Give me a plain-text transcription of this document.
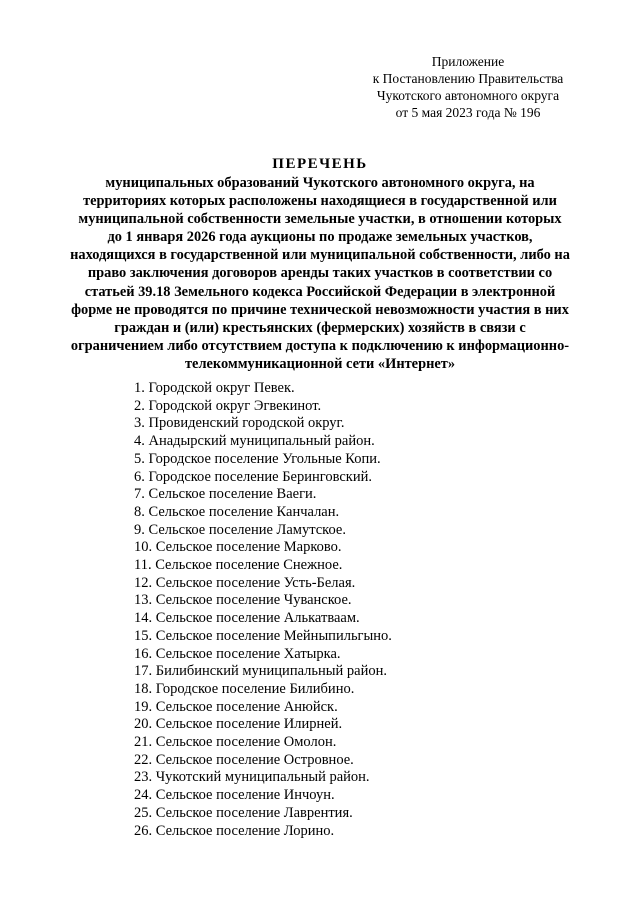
Приложение
к Постановлению Правительства
Чукотского автономного округа
от 5 мая 2023 года № 196
ПЕРЕЧЕНЬ
муниципальных образований Чукотского автономного округа, на территориях которых расположены находящиеся в государственной или муниципальной собственности земельные участки, в отношении которых до 1 января 2026 года аукционы по продаже земельных участков, находящихся в государственной или муниципальной собственности, либо на право заключения договоров аренды таких участков в соответствии со статьей 39.18 Земельного кодекса Российской Федерации в электронной форме не проводятся по причине технической невозможности участия в них граждан и (или) крестьянских (фермерских) хозяйств в связи с ограничением либо отсутствием доступа к подключению к информационно-телекоммуникационной сети «Интернет»
1. Городской округ Певек.
2. Городской округ Эгвекинот.
3. Провиденский городской округ.
4. Анадырский муниципальный район.
5. Городское поселение Угольные Копи.
6. Городское поселение Беринговский.
7. Сельское поселение Ваеги.
8. Сельское поселение Канчалан.
9. Сельское поселение Ламутское.
10. Сельское поселение Марково.
11. Сельское поселение Снежное.
12. Сельское поселение Усть-Белая.
13. Сельское поселение Чуванское.
14. Сельское поселение Алькатваам.
15. Сельское поселение Мейныпильгыно.
16. Сельское поселение Хатырка.
17. Билибинский муниципальный район.
18. Городское поселение Билибино.
19. Сельское поселение Анюйск.
20. Сельское поселение Илирней.
21. Сельское поселение Омолон.
22. Сельское поселение Островное.
23. Чукотский муниципальный район.
24. Сельское поселение Инчоун.
25. Сельское поселение Лаврентия.
26. Сельское поселение Лорино.
